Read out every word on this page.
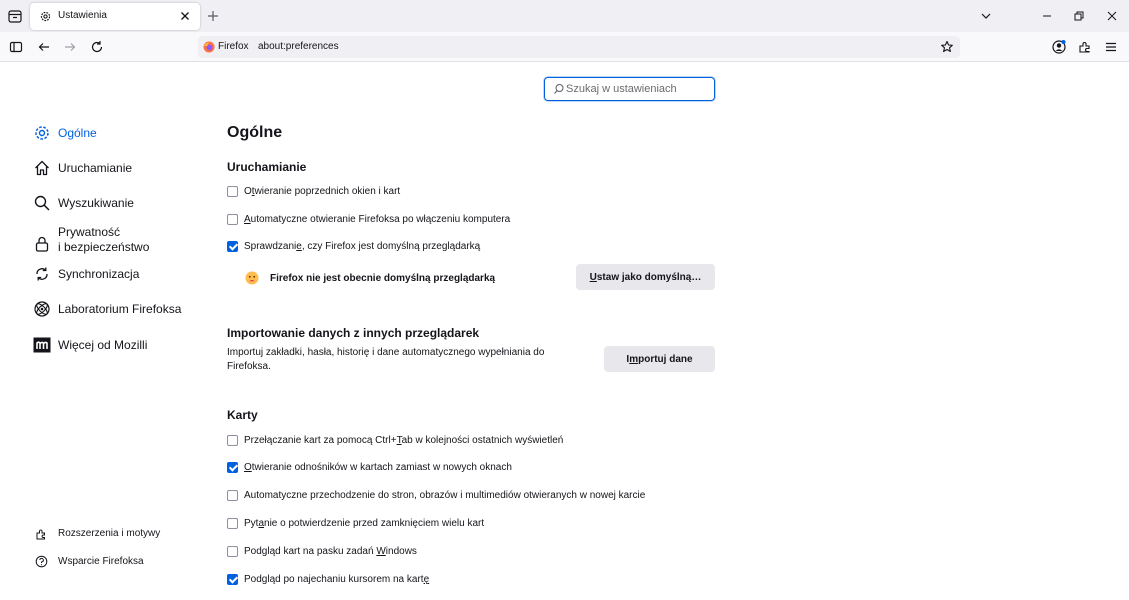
Ustawienia
Firefox about:preferences
Szukaj w ustawieniach
Ogólne
Uruchamianie
Wyszukiwanie
Prywatność
i bezpieczeństwo
Synchronizacja
Laboratorium Firefoksa
Więcej od Mozilli
Rozszerzenia i motywy
Wsparcie Firefoksa
Ogólne
Uruchamianie
Otwieranie poprzednich okien i kart
Automatyczne otwieranie Firefoksa po włączeniu komputera
Sprawdzanie, czy Firefox jest domyślną przeglądarką
Firefox nie jest obecnie domyślną przeglądarką	U staw jako domyślną…
Importowanie danych z innych przeglądarek

Importuj zakładki, hasła, historię i dane automatycznego wypełniania do Firefoksa.

I m portuj dane
Karty
Przełączanie kart za pomocą Ctrl+Tab w kolejności ostatnich wyświetleń
Otwieranie odnośników w kartach zamiast w nowych oknach
Automatyczne przechodzenie do stron, obrazów i multimediów otwieranych w nowej karcie
Pytanie o potwierdzenie przed zamknięciem wielu kart
Podgląd kart na pasku zadań Windows
Podgląd po najechaniu kursorem na kartę
